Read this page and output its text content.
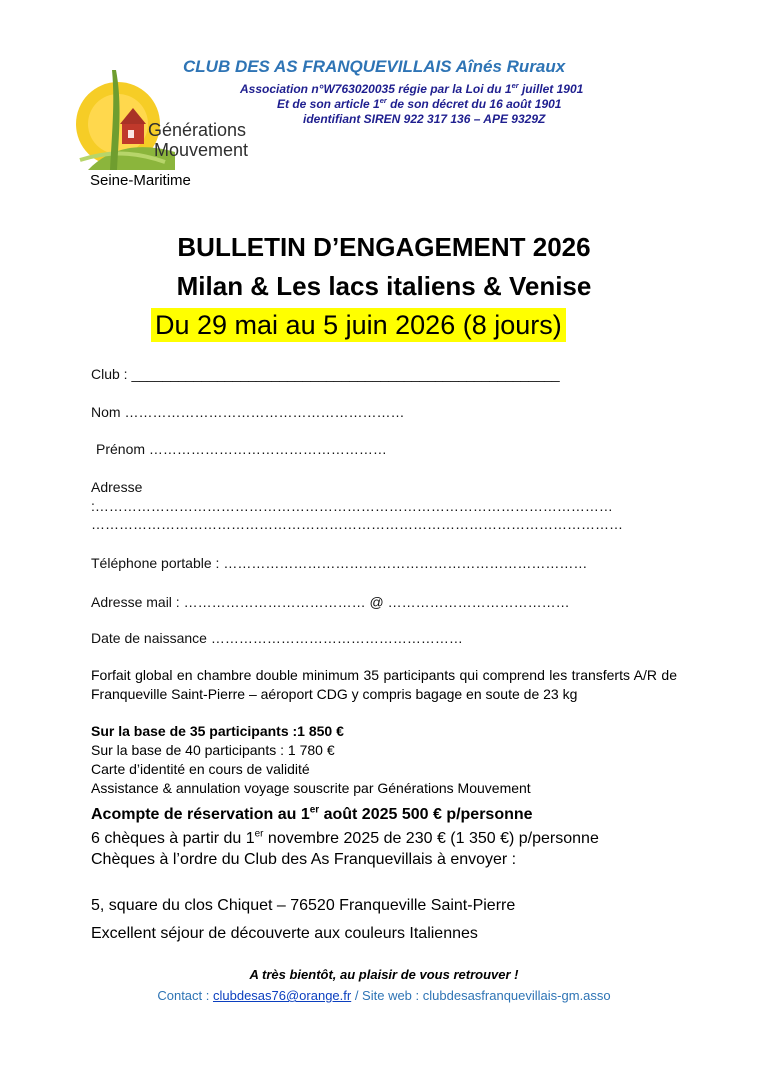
Générations
Mouvement
Seine-Maritime
CLUB DES AS FRANQUEVILLAIS Aînés Ruraux
Association n°W763020035 régie par la Loi du 1er juillet 1901
Et de son article 1er de son décret du 16 août 1901
identifiant SIREN 922 317 136 – APE 9329Z
BULLETIN D’ENGAGEMENT 2026
Milan & Les lacs italiens & Venise
Du 29 mai au 5 juin 2026 (8 jours)
Club : _______________________________________________________
Nom ……………………………………………………
Prénom ……………………………………………
Adresse
:…………………………………………………………………………………………………
……………………………………………………………………………………………………
Téléphone portable : ……………………………………………………………………
Adresse mail : ………………………………… @ …………………………………
Date de naissance ………………………………………………
Forfait global en chambre double minimum 35 participants qui comprend les transferts A/R de Franqueville Saint-Pierre – aéroport CDG y compris bagage en soute de 23 kg
Sur la base de 35 participants :1 850 €
Sur la base de 40 participants : 1 780 €
Carte d’identité en cours de validité
Assistance & annulation voyage souscrite par Générations Mouvement
Acompte de réservation au 1er août 2025 500 € p/personne
6 chèques à partir du 1er novembre 2025 de 230 € (1 350 €) p/personne
Chèques à l’ordre du Club des As Franquevillais à envoyer :
5, square du clos Chiquet – 76520 Franqueville Saint-Pierre
Excellent séjour de découverte aux couleurs Italiennes
A très bientôt, au plaisir de vous retrouver !
Contact : clubdesas76@orange.fr / Site web : clubdesasfranquevillais-gm.asso
